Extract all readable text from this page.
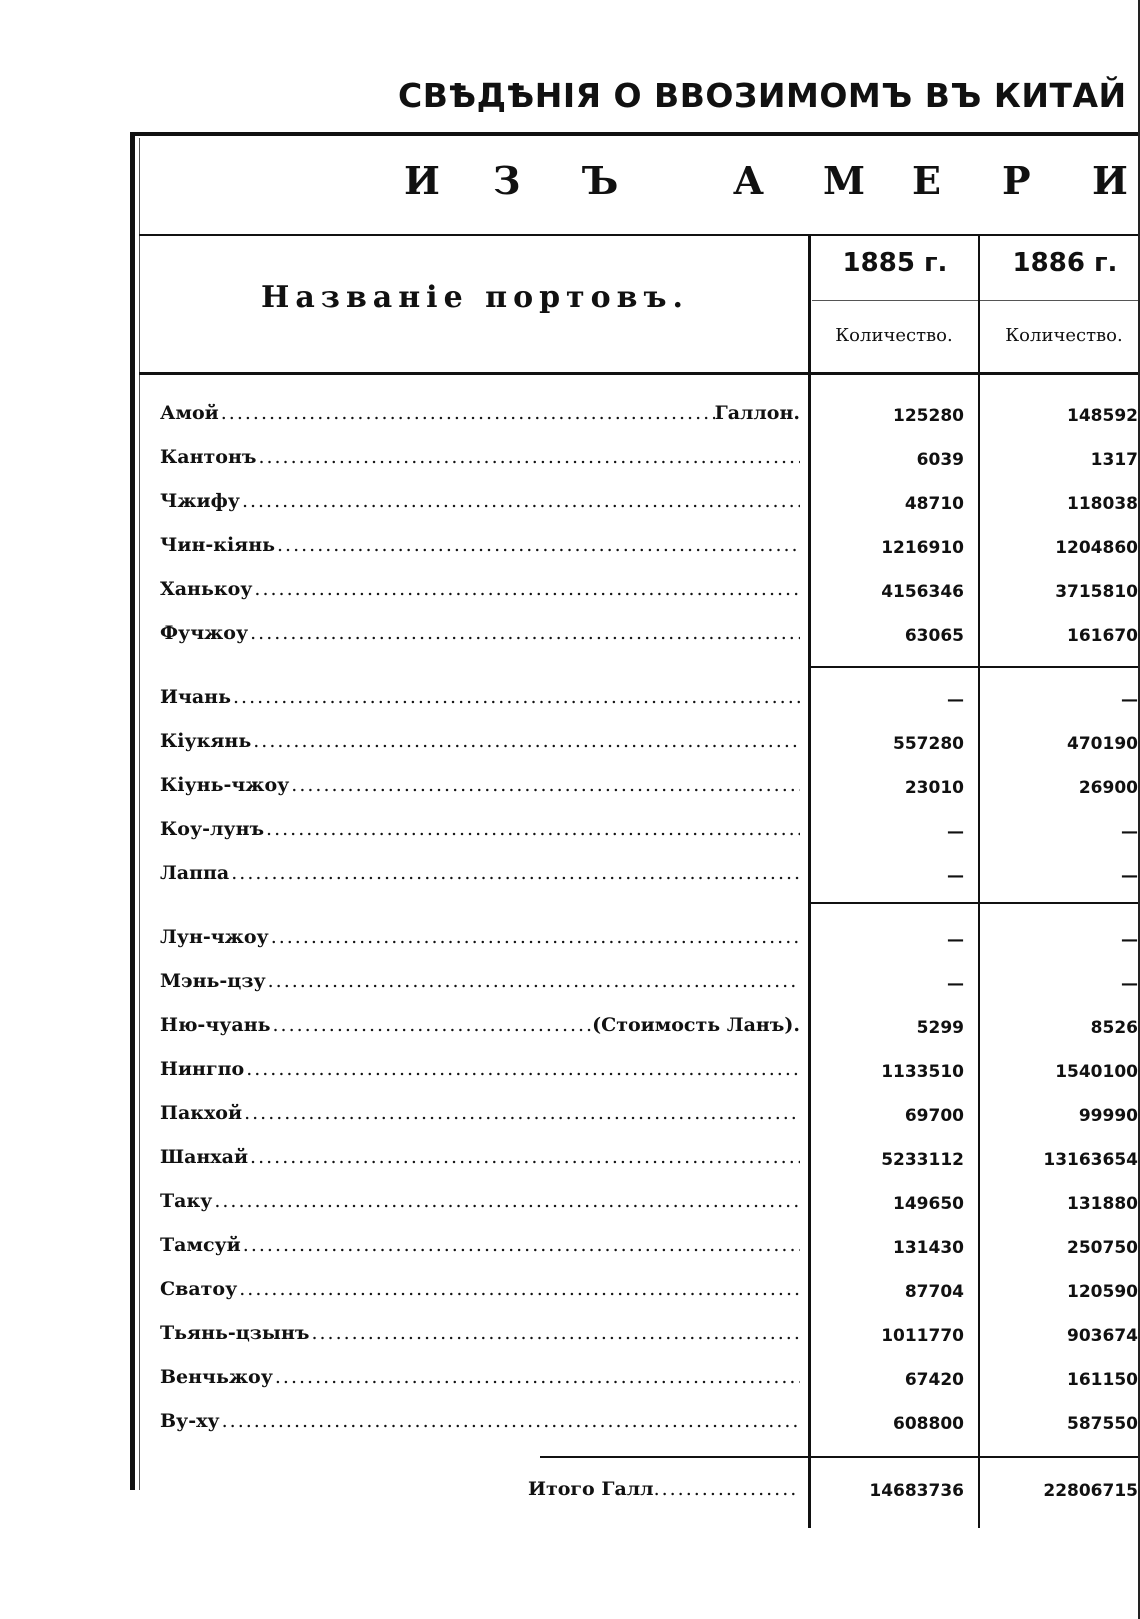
СВѢДѢНІЯ О ВВОЗИМОМЪ ВЪ КИТАЙ
И З Ъ	А М Е Р И
Названіе портовъ.
1885 г.	1886 г.
Количество.	Количество.
Амой .....	Галлон.	125280	148592
Кантонъ .....	6039	1317
Чжифу .....	48710	118038
Чин-кіянь .....	1216910	1204860
Ханькоу .....	4156346	3715810
Фучжоу .....	63065	161670
Ичань .....	—	—
Кіукянь .....	557280	470190
Кіунь-чжоу .....	23010	26900
Коу-лунъ .....	—	—
Лаппа .....	—	—
Лун-чжоу .....	—	—
Мэнь-цзу .....	—	—
Ню-чуань .....	(Стоимость Ланъ).	5299	8526
Нингпо .....	1133510	1540100
Пакхой .....	69700	99990
Шанхай .....	5233112	13163654
Таку .....	149650	131880
Тамсуй .....	131430	250750
Сватоу .....	87704	120590
Тьянь-цзынъ .....	1011770	903674
Венчьжоу .....	67420	161150
Ву-ху .....	608800	587550
Итого Галл .....	14683736	22806715
